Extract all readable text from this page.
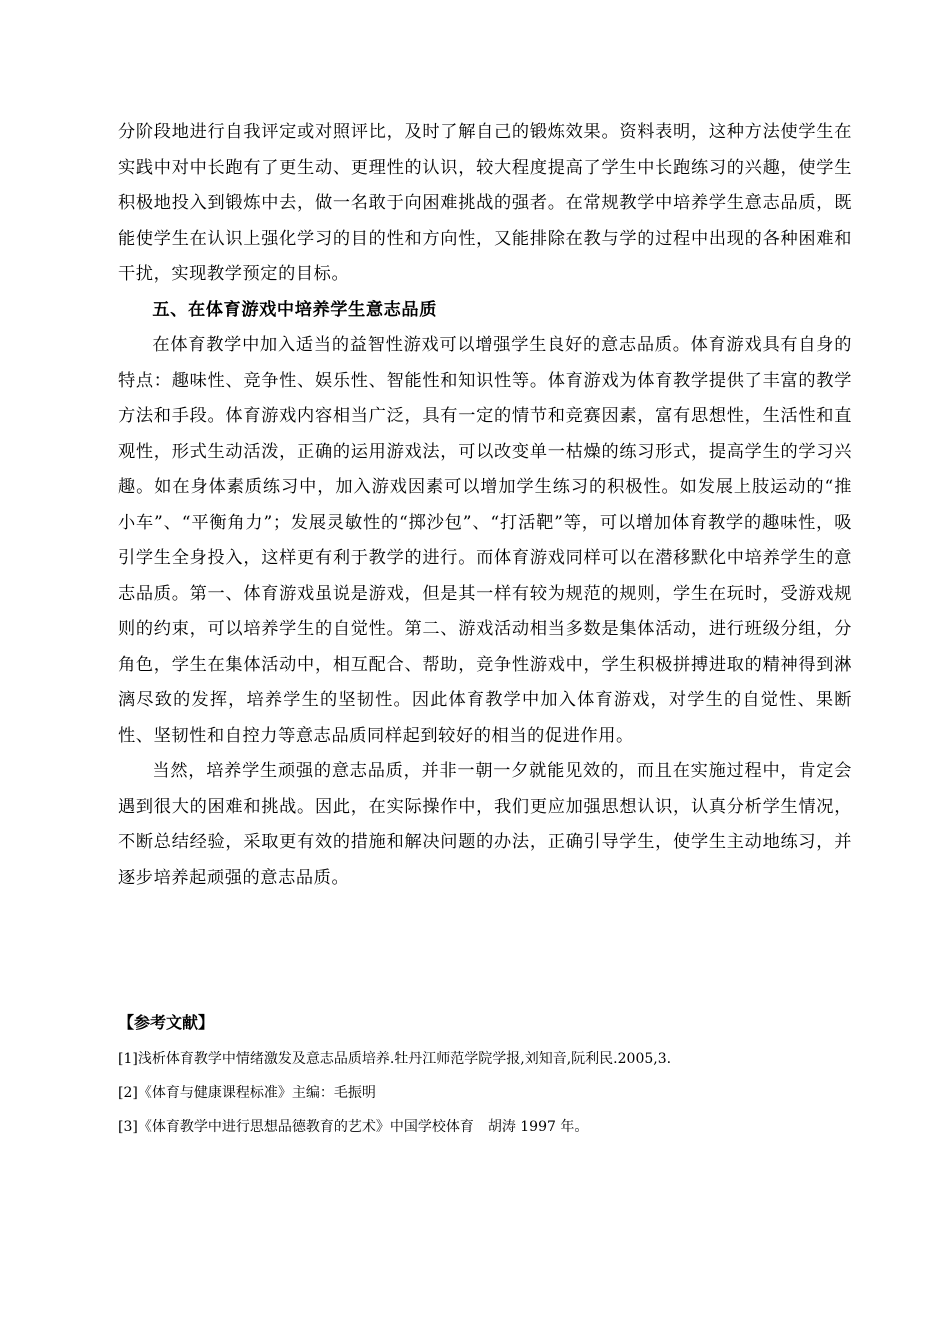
分阶段地进行自我评定或对照评比，及时了解自己的锻炼效果。资料表明，这种方法使学生在实践中对中长跑有了更生动、更理性的认识，较大程度提高了学生中长跑练习的兴趣，使学生积极地投入到锻炼中去，做一名敢于向困难挑战的强者。在常规教学中培养学生意志品质，既能使学生在认识上强化学习的目的性和方向性，又能排除在教与学的过程中出现的各种困难和干扰，实现教学预定的目标。

五、在体育游戏中培养学生意志品质

在体育教学中加入适当的益智性游戏可以增强学生良好的意志品质。体育游戏具有自身的特点：趣味性、竞争性、娱乐性、智能性和知识性等。体育游戏为体育教学提供了丰富的教学方法和手段。体育游戏内容相当广泛，具有一定的情节和竞赛因素，富有思想性，生活性和直观性，形式生动活泼，正确的运用游戏法，可以改变单一枯燥的练习形式，提高学生的学习兴趣。如在身体素质练习中，加入游戏因素可以增加学生练习的积极性。如发展上肢运动的“推小车”、“平衡角力”；发展灵敏性的“掷沙包”、“打活靶”等，可以增加体育教学的趣味性，吸引学生全身投入，这样更有利于教学的进行。而体育游戏同样可以在潜移默化中培养学生的意志品质。第一、体育游戏虽说是游戏，但是其一样有较为规范的规则，学生在玩时，受游戏规则的约束，可以培养学生的自觉性。第二、游戏活动相当多数是集体活动，进行班级分组，分角色，学生在集体活动中，相互配合、帮助，竞争性游戏中，学生积极拼搏进取的精神得到淋漓尽致的发挥，培养学生的坚韧性。因此体育教学中加入体育游戏，对学生的自觉性、果断性、坚韧性和自控力等意志品质同样起到较好的相当的促进作用。

当然，培养学生顽强的意志品质，并非一朝一夕就能见效的，而且在实施过程中，肯定会遇到很大的困难和挑战。因此，在实际操作中，我们更应加强思想认识，认真分析学生情况，不断总结经验，采取更有效的措施和解决问题的办法，正确引导学生，使学生主动地练习，并逐步培养起顽强的意志品质。

【参考文献】
[1]浅析体育教学中情绪激发及意志品质培养.牡丹江师范学院学报,刘知音,阮利民.2005,3.
[2]《体育与健康课程标准》主编：毛振明
[3]《体育教学中进行思想品德教育的艺术》中国学校体育　胡涛 1997 年。
